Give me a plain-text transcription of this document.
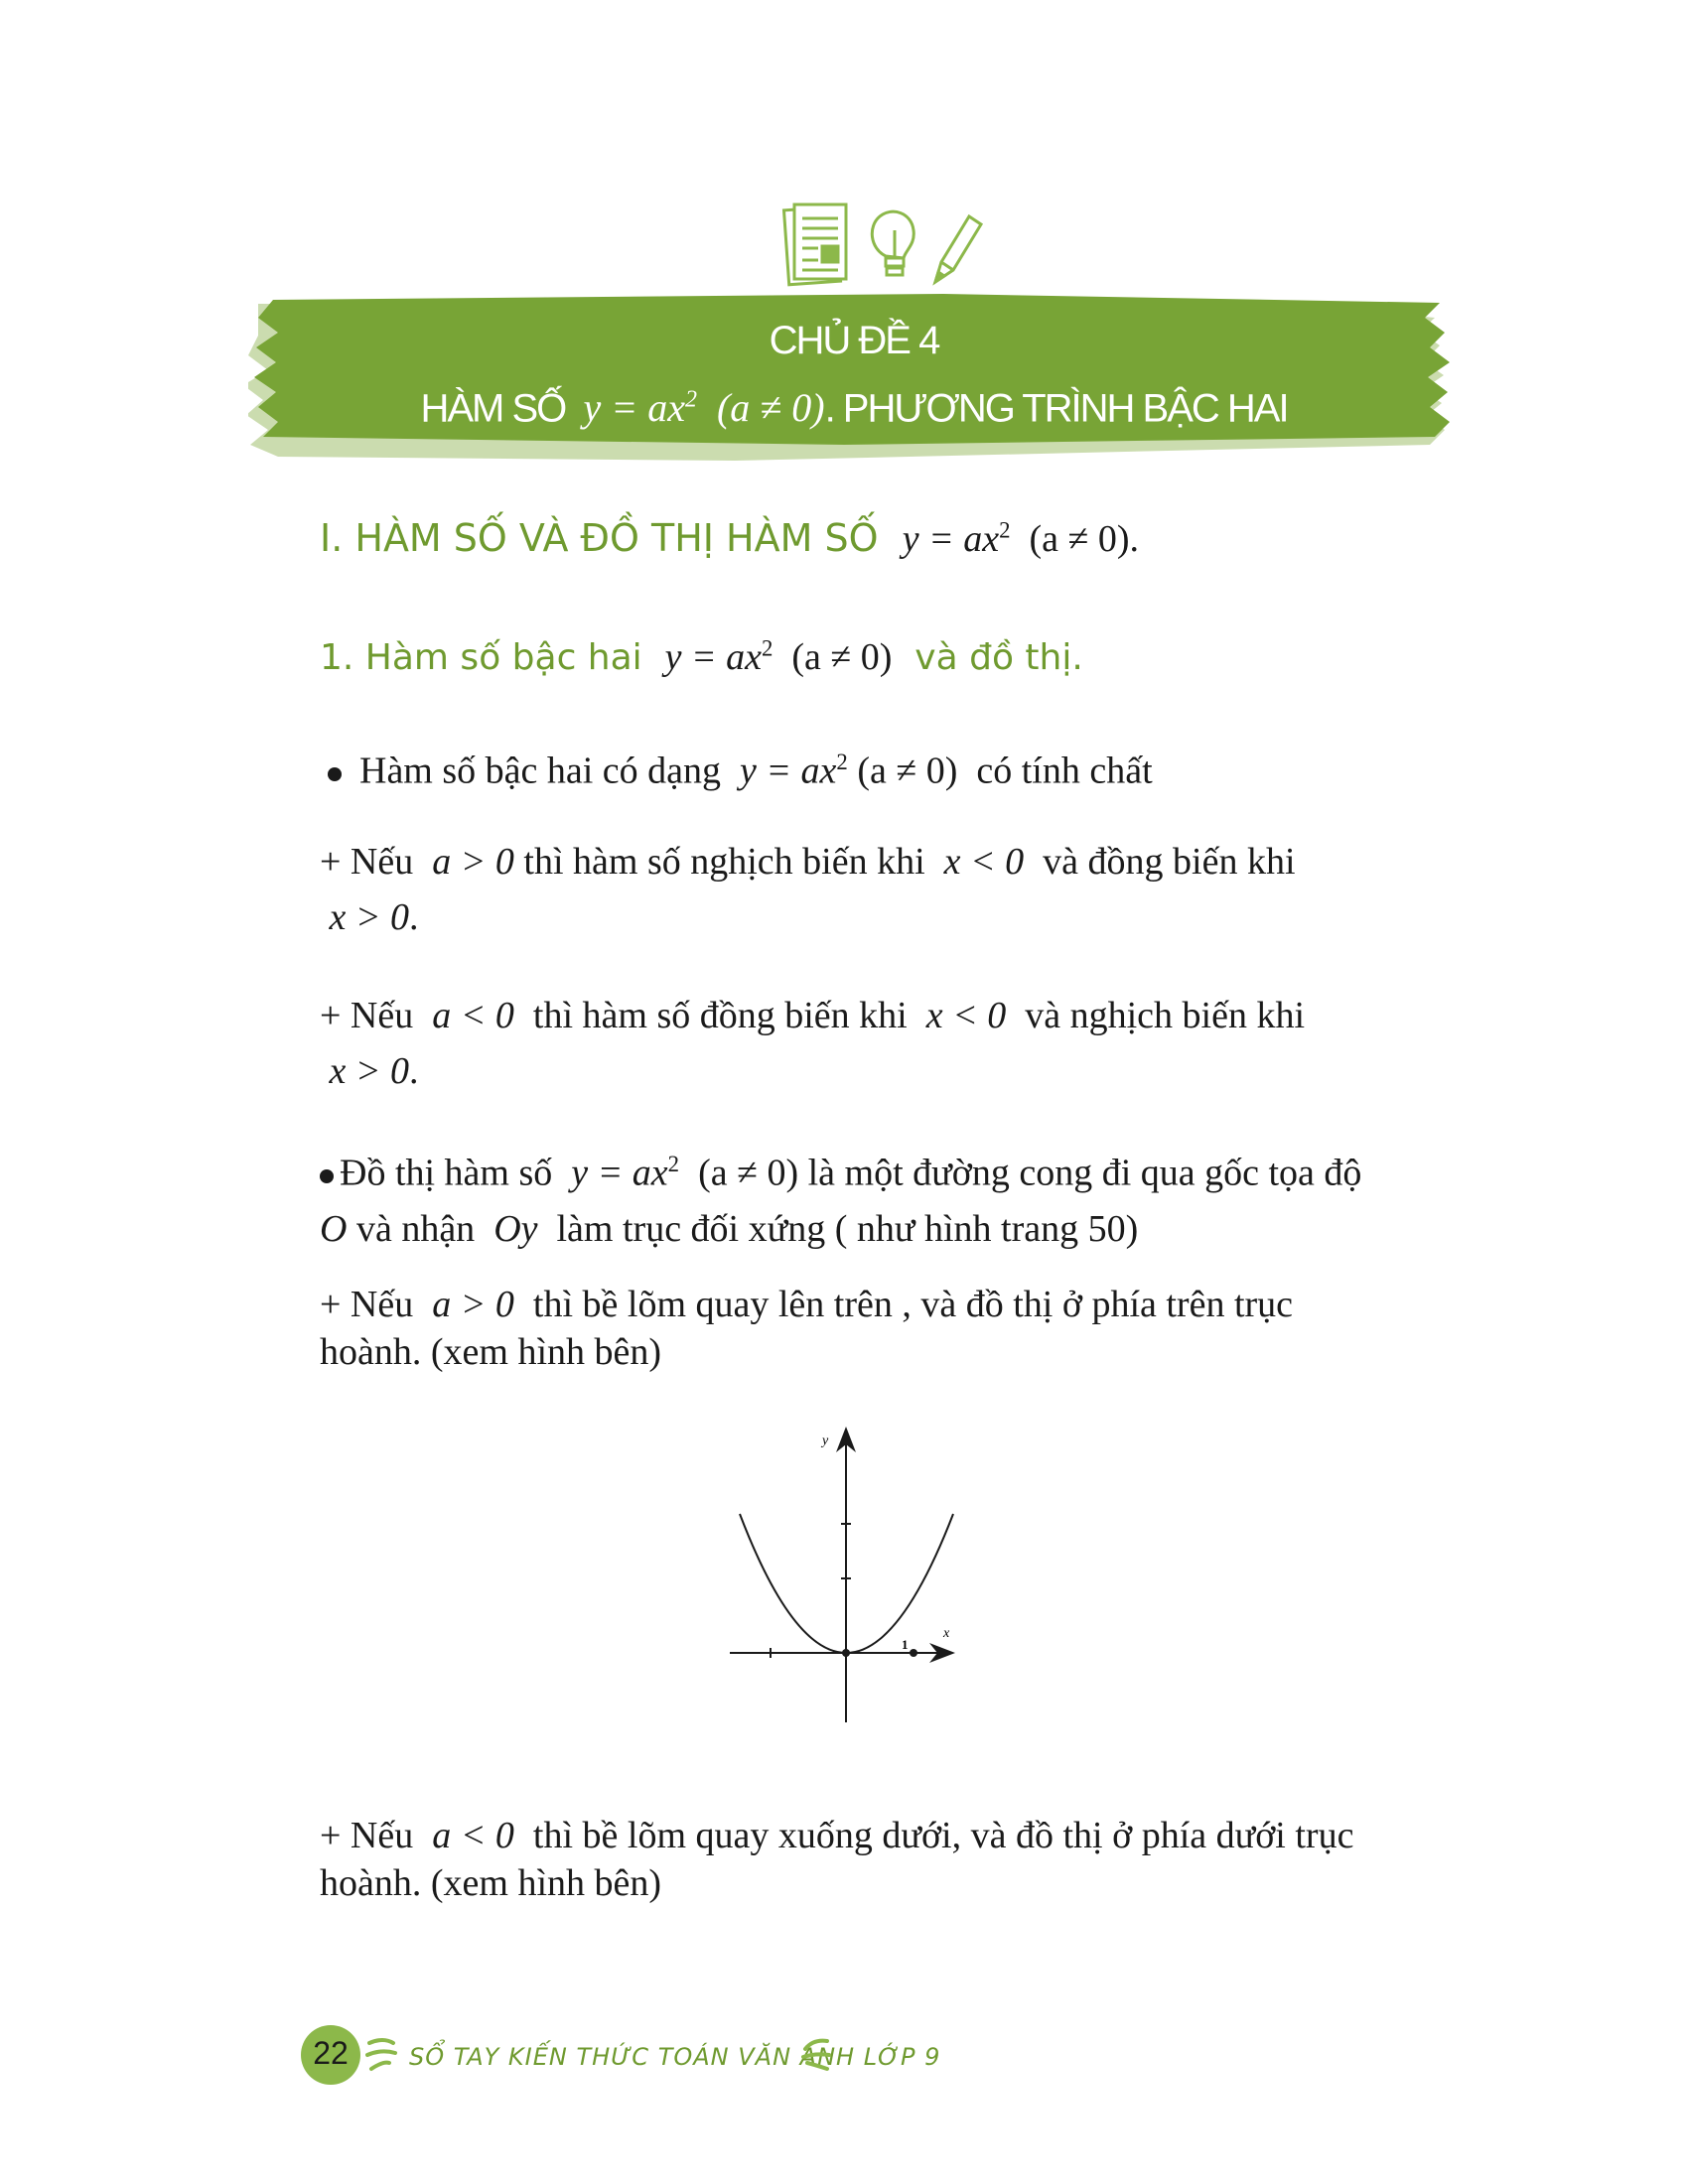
CHỦ ĐỀ 4
HÀM SỐ $y = ax^2$ (a ≠ 0). PHƯƠNG TRÌNH BẬC HAI
I. HÀM SỐ VÀ ĐỒ THỊ HÀM SỐ $y = ax^2$ (a ≠ 0).
1. Hàm số bậc hai $y = ax^2$ (a ≠ 0) và đồ thị.
Hàm số bậc hai có dạng $y = ax^2$ (a ≠ 0) có tính chất
+ Nếu a > 0 thì hàm số nghịch biến khi x < 0 và đồng biến khi
x > 0.
+ Nếu a < 0 thì hàm số đồng biến khi x < 0 và nghịch biến khi
x > 0.
Đồ thị hàm số $y = ax^2$ (a ≠ 0) là một đường cong đi qua gốc tọa độ  O và nhận Oy làm trục đối xứng ( như hình trang 50)
+ Nếu a > 0 thì bề lõm quay lên trên , và đồ thị ở phía trên trục hoành. (xem hình bên)
y
x
1
+ Nếu a < 0 thì bề lõm quay xuống dưới, và đồ thị ở phía dưới trục hoành. (xem hình bên)
22	SỔ TAY KIẾN THỨC TOÁN VĂN ANH LỚP 9
